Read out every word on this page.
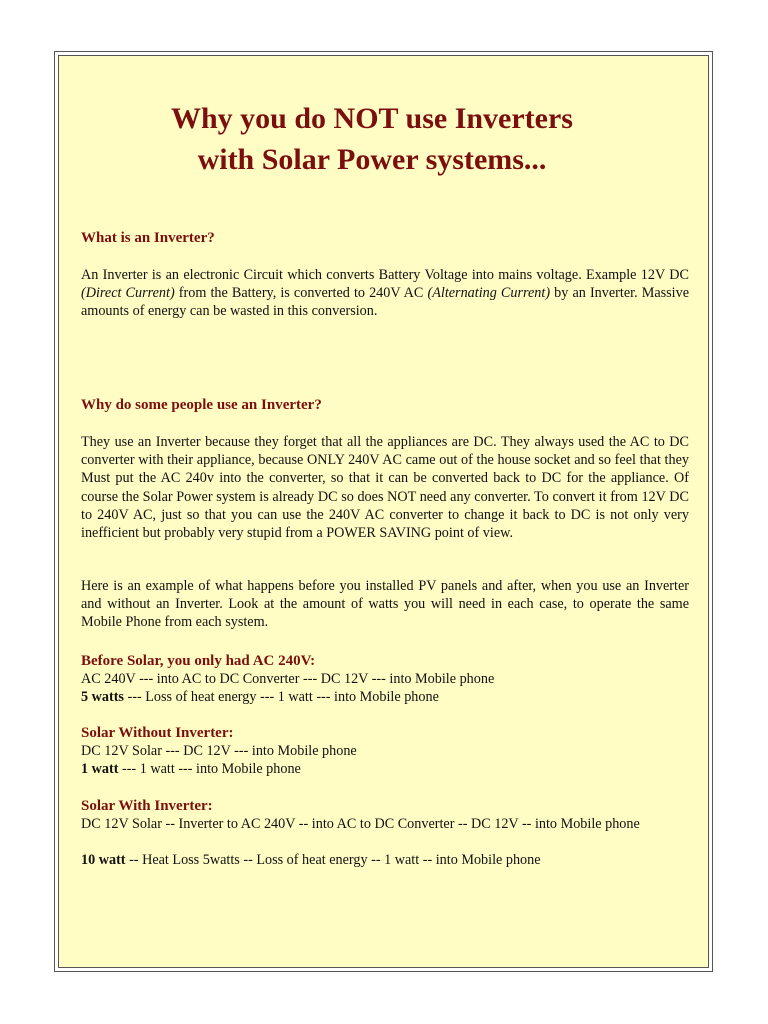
Why you do NOT use Inverters
with Solar Power systems...
What is an Inverter?

An Inverter is an electronic Circuit which converts Battery Voltage into mains voltage. Example 12V DC (Direct Current) from the Battery, is converted to 240V AC (Alternating Current) by an Inverter. Massive amounts of energy can be wasted in this conversion.

Why do some people use an Inverter?

They use an Inverter because they forget that all the appliances are DC. They always used the AC to DC converter with their appliance, because ONLY 240V AC came out of the house socket and so feel that they Must put the AC 240v into the converter, so that it can be converted back to DC for the appliance. Of course the Solar Power system is already DC so does NOT need any converter. To convert it from 12V DC to 240V AC, just so that you can use the 240V AC converter to change it back to DC is not only very inefficient but probably very stupid from a POWER SAVING point of view.

Here is an example of what happens before you installed PV panels and after, when you use an Inverter and without an Inverter. Look at the amount of watts you will need in each case, to operate the same Mobile Phone from each system.

Before Solar, you only had AC 240V:

AC 240V --- into AC to DC Converter --- DC 12V --- into Mobile phone

5 watts --- Loss of heat energy --- 1 watt --- into Mobile phone

Solar Without Inverter:

DC 12V Solar --- DC 12V --- into Mobile phone

1 watt --- 1 watt --- into Mobile phone

Solar With Inverter:

DC 12V Solar -- Inverter to AC 240V -- into AC to DC Converter -- DC 12V -- into Mobile phone

10 watt -- Heat Loss 5watts -- Loss of heat energy -- 1 watt -- into Mobile phone
